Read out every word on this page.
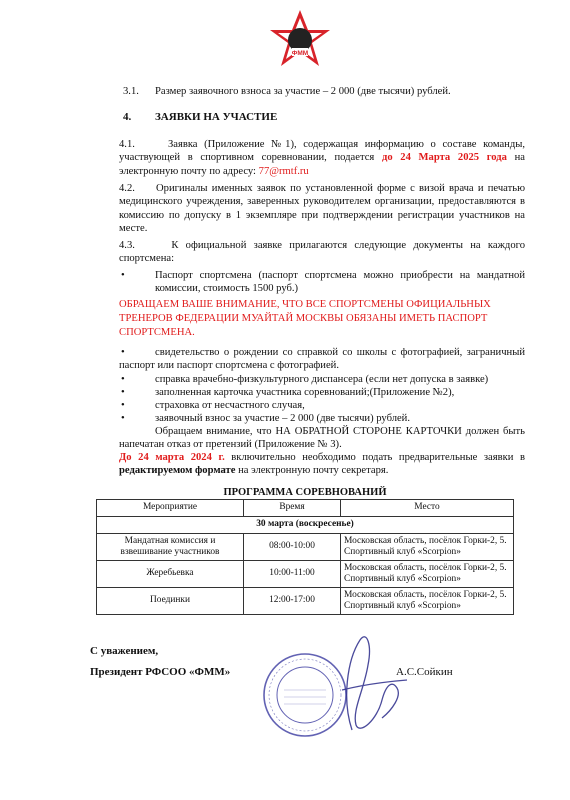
ФММ
3.1. Размер заявочного взноса за участие – 2 000 (две тысячи) рублей.
4. ЗАЯВКИ НА УЧАСТИЕ
4.1.	Заявка (Приложение №1), содержащая информацию о составе команды, участвующей в спортивном соревновании, подается до 24 Марта 2025 года на электронную почту по адресу: 77@rmtf.ru
4.2. Оригиналы именных заявок по установленной форме с визой врача и печатью медицинского учреждения, заверенных руководителем организации, предоставляются в комиссию по допуску в 1 экземпляре при подтверждении регистрации участников на месте.
4.3.	К официальной заявке прилагаются следующие документы на каждого спортсмена:
•	Паспорт спортсмена (паспорт спортсмена можно приобрести на мандатной комиссии, стоимость 1500 руб.)
ОБРАЩАЕМ ВАШЕ ВНИМАНИЕ, ЧТО ВСЕ СПОРТСМЕНЫ ОФИЦИАЛЬНЫХ ТРЕНЕРОВ ФЕДЕРАЦИИ МУАЙТАЙ МОСКВЫ ОБЯЗАНЫ ИМЕТЬ ПАСПОРТ СПОРТСМЕНА.
•	свидетельство о рождении со справкой со школы с фотографией, заграничный паспорт или паспорт спортсмена с фотографией.
•	справка врачебно-физкультурного диспансера (если нет допуска в заявке)
•	заполненная карточка участника соревнований;(Приложение №2),
•	страховка от несчастного случая,
•	заявочный взнос за участие – 2 000 (две тысячи) рублей.
Обращаем внимание, что НА ОБРАТНОЙ СТОРОНЕ КАРТОЧКИ должен быть напечатан отказ от претензий (Приложение № 3).
До 24 марта 2024 г. включительно необходимо подать предварительные заявки в редактируемом формате на электронную почту секретаря.
ПРОГРАММА СОРЕВНОВАНИЙ
Мероприятие	Время	Место
30 марта (воскресенье)		
Мандатная комиссия и взвешивание участников	08:00-10:00	Московская область, посёлок Горки-2, 5. Спортивный клуб «Scorpion»
Жеребьевка	10:00-11:00	Московская область, посёлок Горки-2, 5. Спортивный клуб «Scorpion»
Поединки	12:00-17:00	Московская область, посёлок Горки-2, 5. Спортивный клуб «Scorpion»
С уважением,
Президент РФСОО «ФММ»	А.С.Сойкин
